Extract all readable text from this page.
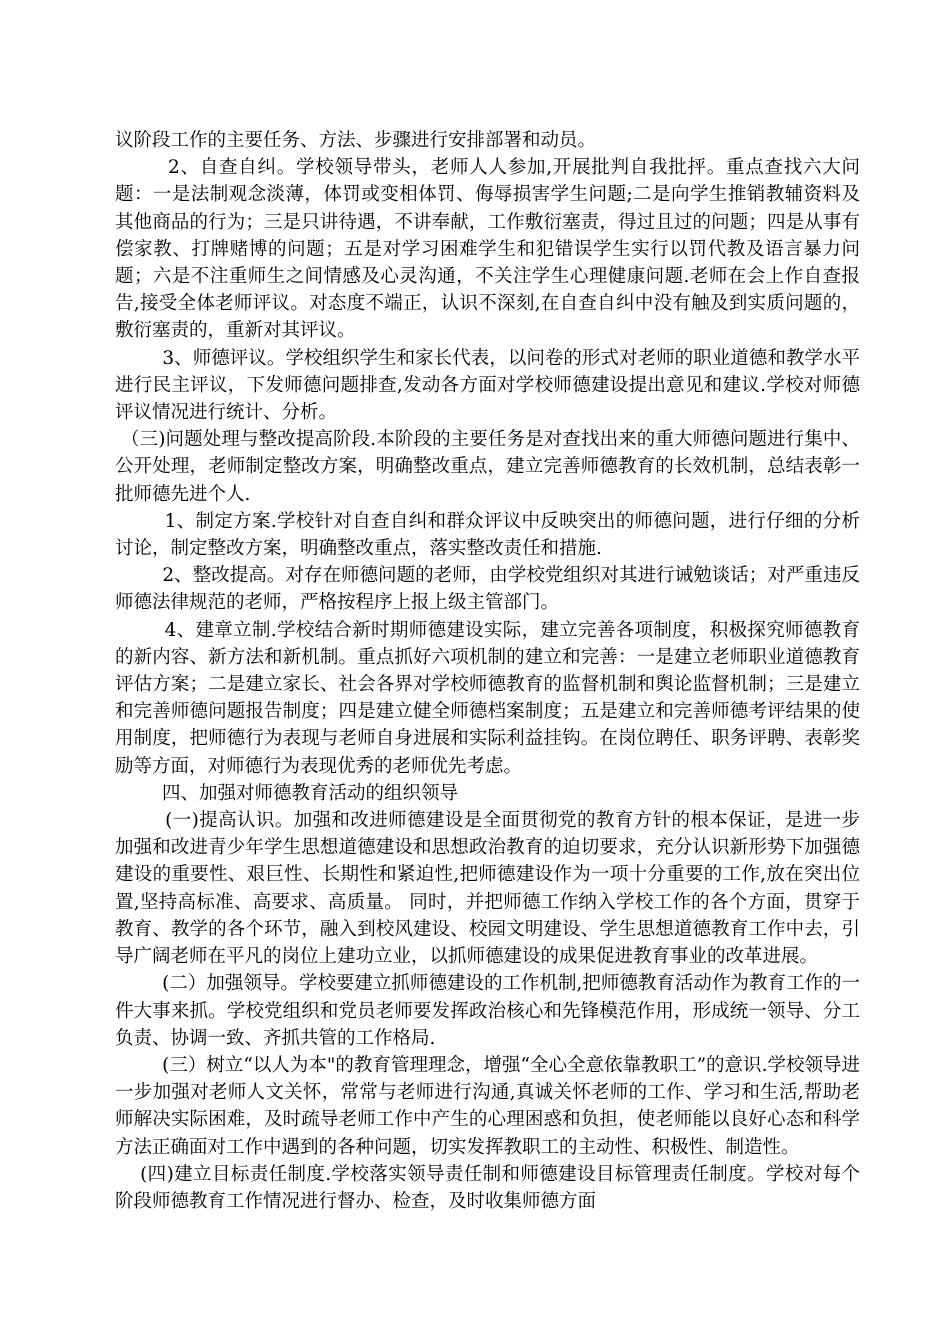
议阶段工作的主要任务、方法、步骤进行安排部署和动员。

2、自查自纠。学校领导带头，老师人人参加,开展批判自我批抨。重点查找六大问题：一是法制观念淡薄，体罚或变相体罚、侮辱损害学生问题;二是向学生推销教辅资料及其他商品的行为；三是只讲待遇，不讲奉献，工作敷衍塞责，得过且过的问题；四是从事有偿家教、打牌赌博的问题；五是对学习困难学生和犯错误学生实行以罚代教及语言暴力问题；六是不注重师生之间情感及心灵沟通，不关注学生心理健康问题.老师在会上作自查报告,接受全体老师评议。对态度不端正，认识不深刻,在自查自纠中没有触及到实质问题的，敷衍塞责的，重新对其评议。

3、师德评议。学校组织学生和家长代表，以问卷的形式对老师的职业道德和教学水平进行民主评议，下发师德问题排查,发动各方面对学校师德建设提出意见和建议.学校对师德评议情况进行统计、分析。

（三)问题处理与整改提高阶段.本阶段的主要任务是对查找出来的重大师德问题进行集中、公开处理，老师制定整改方案，明确整改重点，建立完善师德教育的长效机制，总结表彰一批师德先进个人.

1、制定方案.学校针对自查自纠和群众评议中反映突出的师德问题，进行仔细的分析讨论，制定整改方案，明确整改重点，落实整改责任和措施.

2、整改提高。对存在师德问题的老师，由学校党组织对其进行诫勉谈话；对严重违反师德法律规范的老师，严格按程序上报上级主管部门。

4、建章立制.学校结合新时期师德建设实际，建立完善各项制度，积极探究师德教育的新内容、新方法和新机制。重点抓好六项机制的建立和完善：一是建立老师职业道德教育评估方案；二是建立家长、社会各界对学校师德教育的监督机制和舆论监督机制；三是建立和完善师德问题报告制度；四是建立健全师德档案制度；五是建立和完善师德考评结果的使用制度，把师德行为表现与老师自身进展和实际利益挂钩。在岗位聘任、职务评聘、表彰奖励等方面，对师德行为表现优秀的老师优先考虑。

四、加强对师德教育活动的组织领导

(一)提高认识。加强和改进师德建设是全面贯彻党的教育方针的根本保证，是进一步加强和改进青少年学生思想道德建设和思想政治教育的迫切要求，充分认识新形势下加强德建设的重要性、艰巨性、长期性和紧迫性,把师德建设作为一项十分重要的工作,放在突出位置,坚持高标准、高要求、高质量。 同时，并把师德工作纳入学校工作的各个方面，贯穿于教育、教学的各个环节，融入到校风建设、校园文明建设、学生思想道德教育工作中去，引导广阔老师在平凡的岗位上建功立业，以抓师德建设的成果促进教育事业的改革进展。

(二）加强领导。学校要建立抓师德建设的工作机制,把师德教育活动作为教育工作的一件大事来抓。学校党组织和党员老师要发挥政治核心和先锋模范作用，形成统一领导、分工负责、协调一致、齐抓共管的工作格局.

(三）树立“以人为本"的教育管理理念，增强“全心全意依靠教职工”的意识.学校领导进一步加强对老师人文关怀，常常与老师进行沟通,真诚关怀老师的工作、学习和生活,帮助老师解决实际困难，及时疏导老师工作中产生的心理困惑和负担，使老师能以良好心态和科学方法正确面对工作中遇到的各种问题，切实发挥教职工的主动性、积极性、制造性。

(四)建立目标责任制度.学校落实领导责任制和师德建设目标管理责任制度。学校对每个阶段师德教育工作情况进行督办、检查，及时收集师德方面
